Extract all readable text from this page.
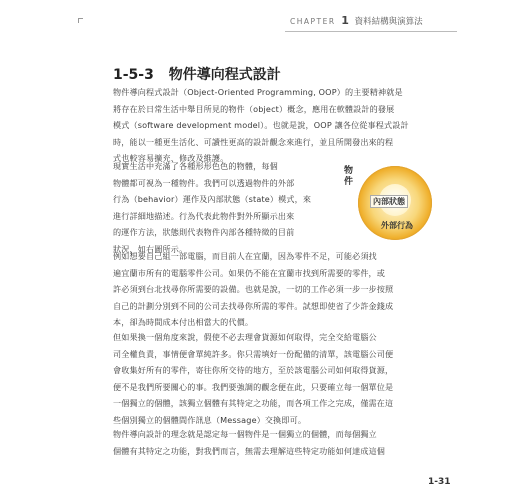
CHAPTER 1 資料結構與演算法
1-5-3 物件導向程式設計
物件導向程式設計（Object-Oriented Programming, OOP）的主要精神就是
將存在於日常生活中舉目所見的物件（object）概念，應用在軟體設計的發展
模式（software development model）。也就是說，OOP 讓各位從事程式設計
時，能以一種更生活化、可讀性更高的設計觀念來進行，並且所開發出來的程
式也較容易擴充、修改及維護。
現實生活中充滿了各種形形色色的物體，每個
物體都可視為一種物件。我們可以透過物件的外部
行為（behavior）運作及內部狀態（state）模式，來
進行詳細地描述。行為代表此物件對外所顯示出來
的運作方法，狀態則代表物件內部各種特徵的目前
狀況，如右圖所示。
物件
內部狀態
外部行為
例如想要自己組一部電腦，而目前人在宜蘭，因為零件不足，可能必須找
遍宜蘭市所有的電腦零件公司。如果仍不能在宜蘭市找到所需要的零件，或
許必須到台北找尋你所需要的設備。也就是說，一切的工作必須一步一步按照
自己的計劃分別到不同的公司去找尋你所需的零件。試想即使省了少許金錢成
本，卻為時間成本付出相當大的代價。
但如果換一個角度來說，假使不必去理會貨源如何取得，完全交給電腦公
司全權負責，事情便會單純許多。你只需填好一份配備的清單，該電腦公司便
會收集好所有的零件，寄往你所交待的地方，至於該電腦公司如何取得貨源，
便不是我們所要關心的事。我們要強調的觀念便在此，只要確立每一個單位是
一個獨立的個體，該獨立個體有其特定之功能，而各項工作之完成，僅需在這
些個別獨立的個體間作訊息（Message）交換即可。
物件導向設計的理念就是認定每一個物件是一個獨立的個體，而每個獨立
個體有其特定之功能，對我們而言，無需去理解這些特定功能如何達成這個
1-31
